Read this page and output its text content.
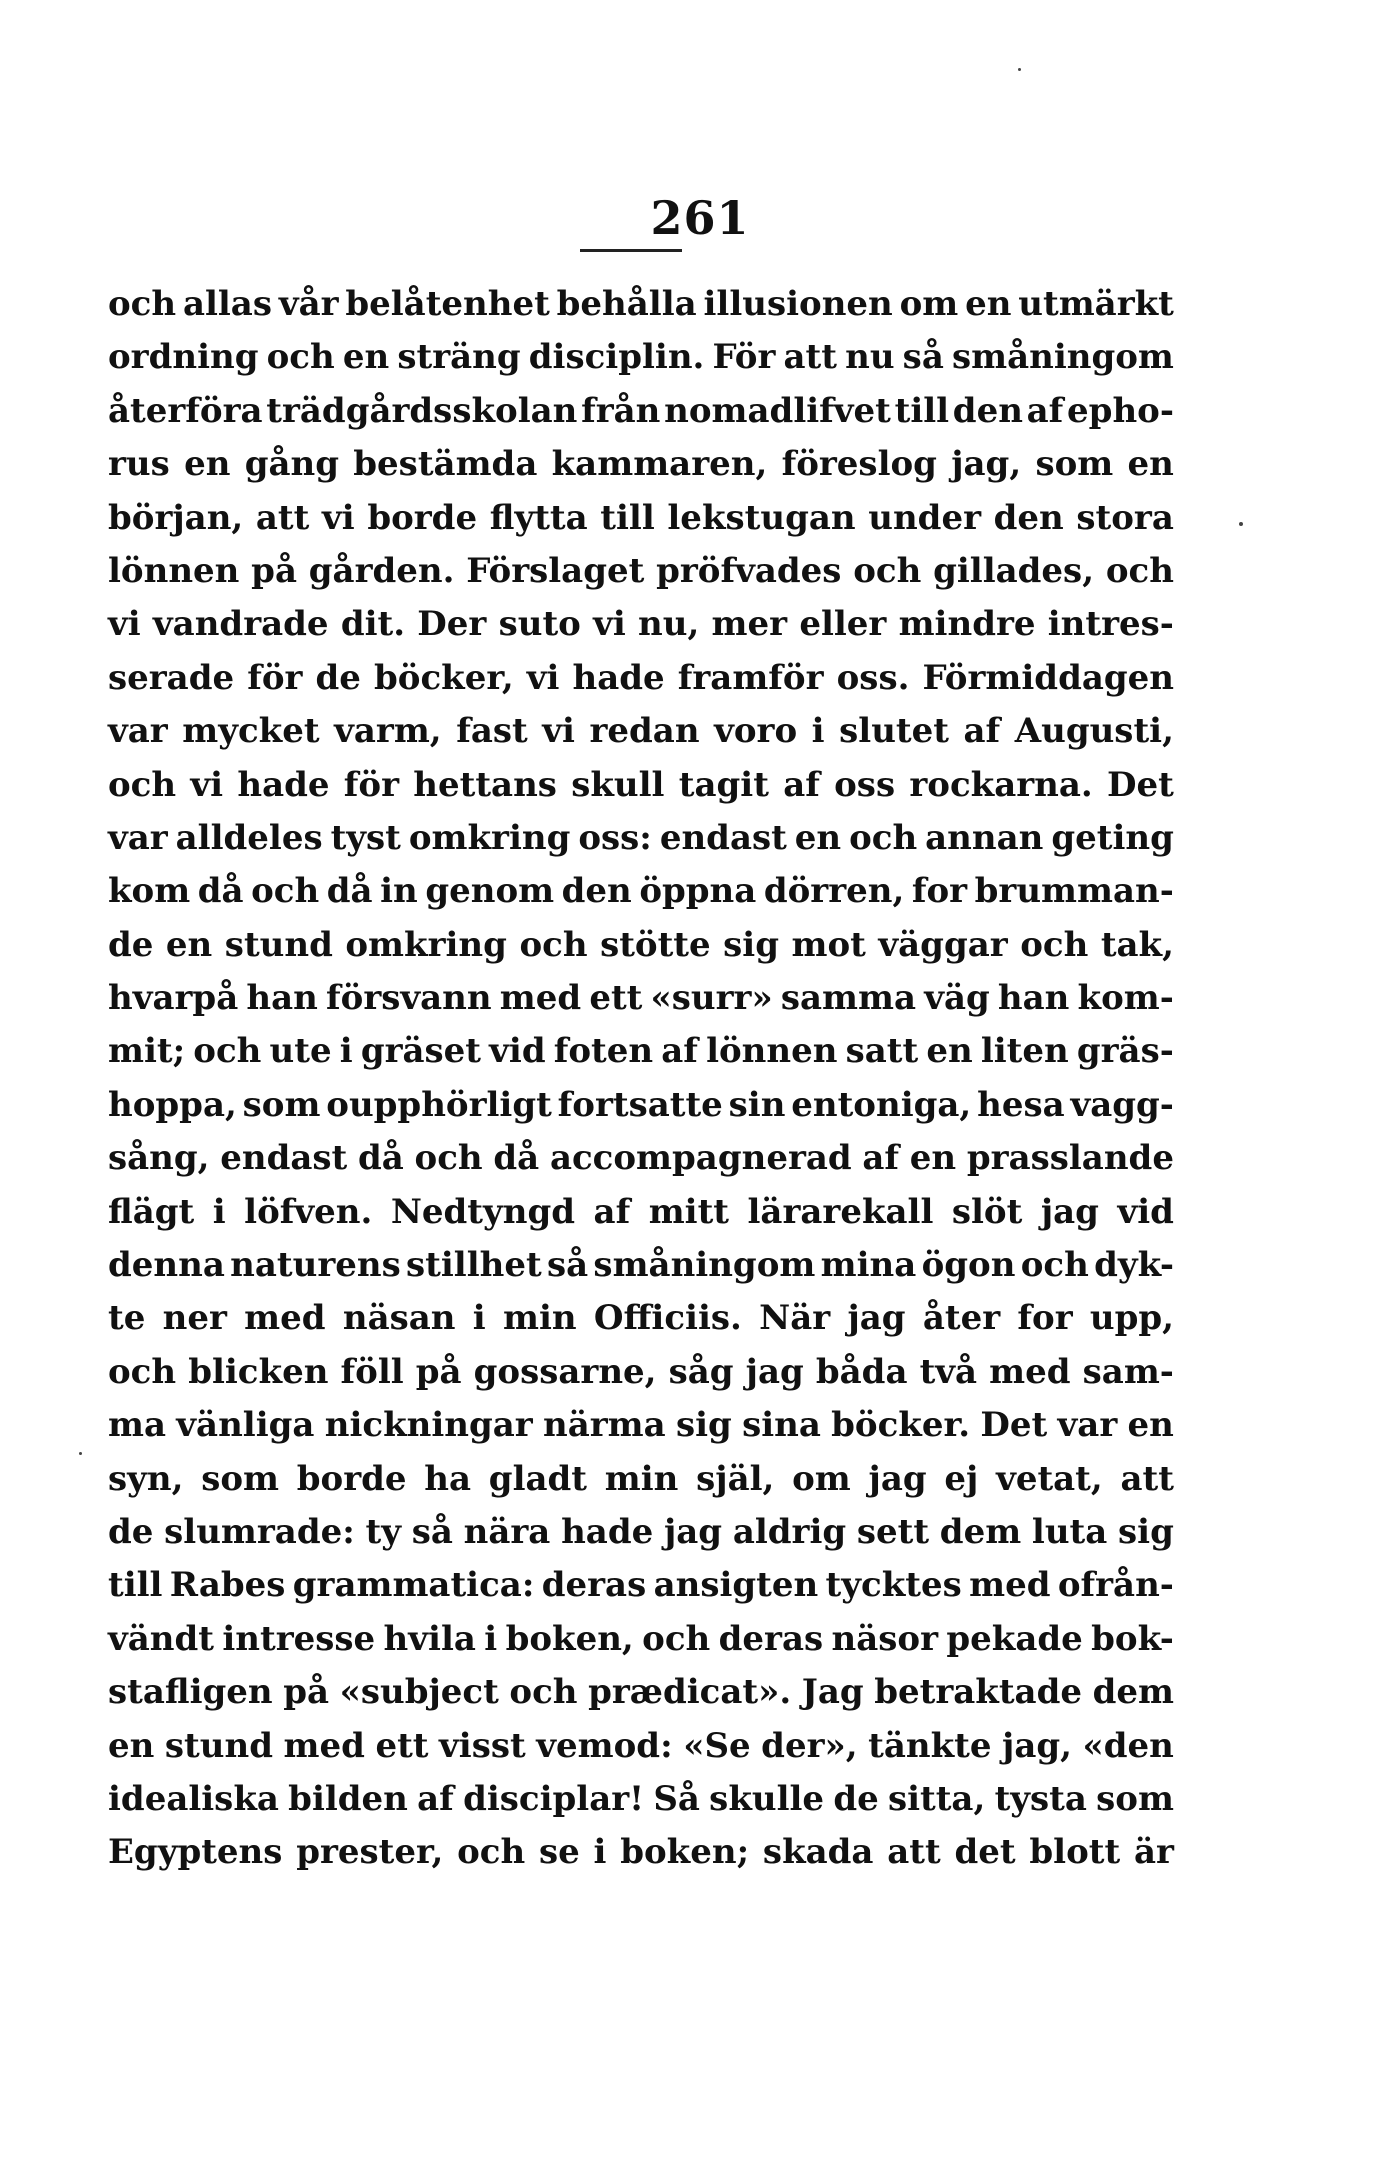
261
och allas vår belåtenhet behålla illusionen om en utmärkt
ordning och en sträng disciplin. För att nu så småningom
återföra trädgårdsskolan från nomadlifvet till den af epho-
rus en gång bestämda kammaren, föreslog jag, som en
början, att vi borde flytta till lekstugan under den stora
lönnen på gården. Förslaget pröfvades och gillades, och
vi vandrade dit. Der suto vi nu, mer eller mindre intres-
serade för de böcker, vi hade framför oss. Förmiddagen
var mycket varm, fast vi redan voro i slutet af Augusti,
och vi hade för hettans skull tagit af oss rockarna. Det
var alldeles tyst omkring oss: endast en och annan geting
kom då och då in genom den öppna dörren, for brumman-
de en stund omkring och stötte sig mot väggar och tak,
hvarpå han försvann med ett «surr» samma väg han kom-
mit; och ute i gräset vid foten af lönnen satt en liten gräs-
hoppa, som oupphörligt fortsatte sin entoniga, hesa vagg-
sång, endast då och då accompagnerad af en prasslande
flägt i löfven. Nedtyngd af mitt lärarekall slöt jag vid
denna naturens stillhet så småningom mina ögon och dyk-
te ner med näsan i min Officiis. När jag åter for upp,
och blicken föll på gossarne, såg jag båda två med sam-
ma vänliga nickningar närma sig sina böcker. Det var en
syn, som borde ha gladt min själ, om jag ej vetat, att
de slumrade: ty så nära hade jag aldrig sett dem luta sig
till Rabes grammatica: deras ansigten tycktes med ofrån-
vändt intresse hvila i boken, och deras näsor pekade bok-
stafligen på «subject och prædicat». Jag betraktade dem
en stund med ett visst vemod: «Se der», tänkte jag, «den
idealiska bilden af disciplar! Så skulle de sitta, tysta som
Egyptens prester, och se i boken; skada att det blott är
